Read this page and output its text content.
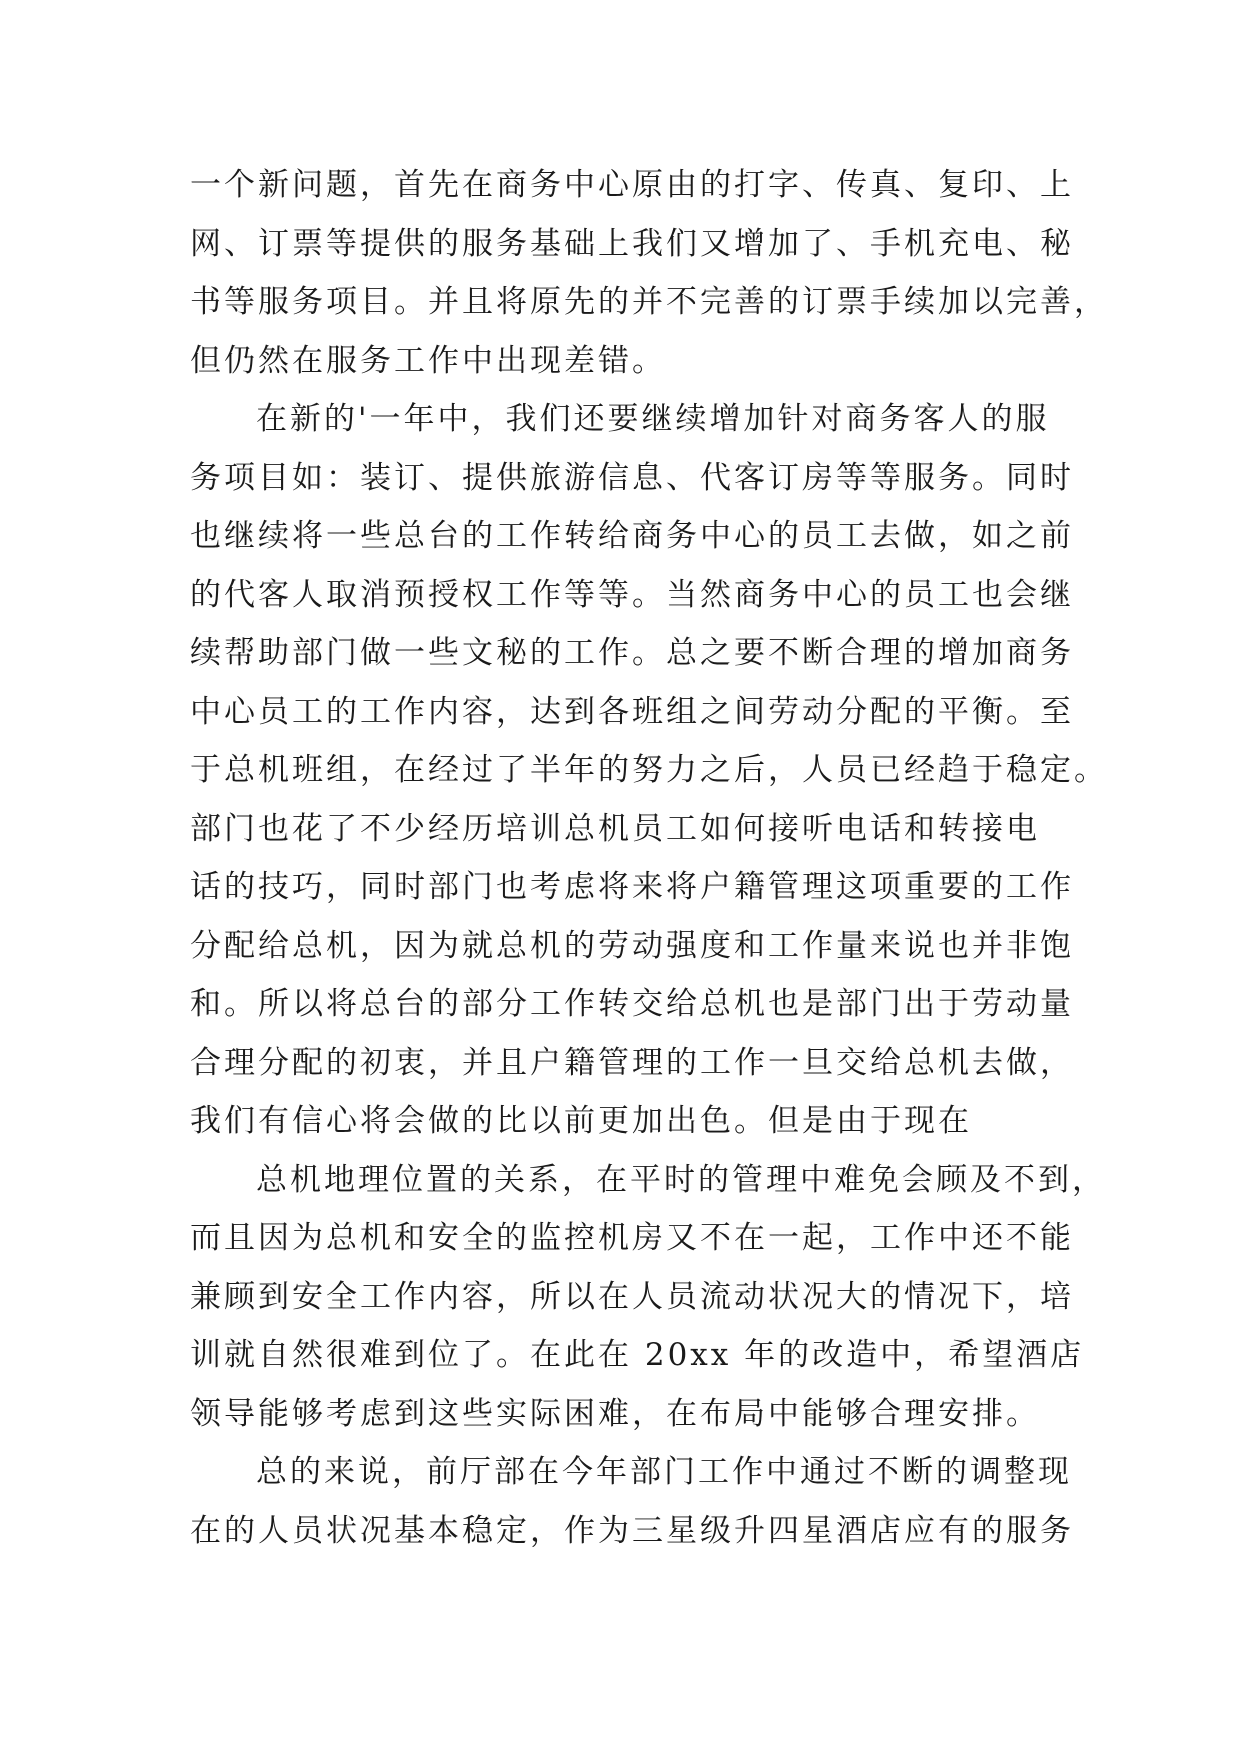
一个新问题，首先在商务中心原由的打字、传真、复印、上
网、订票等提供的服务基础上我们又增加了、手机充电、秘
书等服务项目。并且将原先的并不完善的订票手续加以完善，
但仍然在服务工作中出现差错。
在新的'一年中，我们还要继续增加针对商务客人的服
务项目如：装订、提供旅游信息、代客订房等等服务。同时
也继续将一些总台的工作转给商务中心的员工去做，如之前
的代客人取消预授权工作等等。当然商务中心的员工也会继
续帮助部门做一些文秘的工作。总之要不断合理的增加商务
中心员工的工作内容，达到各班组之间劳动分配的平衡。至
于总机班组，在经过了半年的努力之后，人员已经趋于稳定。
部门也花了不少经历培训总机员工如何接听电话和转接电
话的技巧，同时部门也考虑将来将户籍管理这项重要的工作
分配给总机，因为就总机的劳动强度和工作量来说也并非饱
和。所以将总台的部分工作转交给总机也是部门出于劳动量
合理分配的初衷，并且户籍管理的工作一旦交给总机去做，
我们有信心将会做的比以前更加出色。但是由于现在
总机地理位置的关系，在平时的管理中难免会顾及不到，
而且因为总机和安全的监控机房又不在一起，工作中还不能
兼顾到安全工作内容，所以在人员流动状况大的情况下，培
训就自然很难到位了。在此在 20xx 年的改造中，希望酒店
领导能够考虑到这些实际困难，在布局中能够合理安排。
总的来说，前厅部在今年部门工作中通过不断的调整现
在的人员状况基本稳定，作为三星级升四星酒店应有的服务
